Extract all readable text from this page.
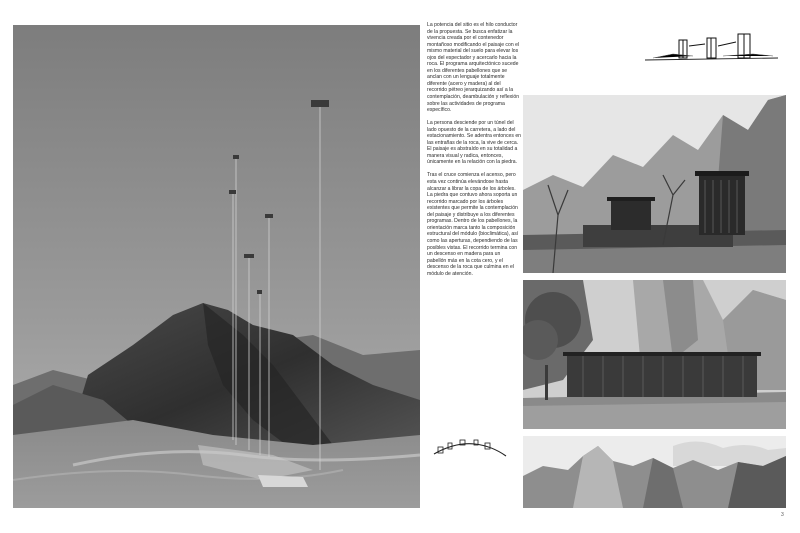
La potencia del sitio es el hilo conductor de la propuesta. Se busca enfatizar la vivencia creada por el contenedor montañoso modificando el paisaje con el mismo material del suelo para elevar los ojos del espectador y acercarlo hacia la roca. El programa arquitectónico sucede en los diferentes pabellones que se anclan con un lenguaje totalmente diferente (acero y madera) al del recorrido pétreo jerarquizando así a la contemplación, deambulación y reflexión sobre las actividades de programa específico.

La persona desciende por un túnel del lado opuesto de la carretera, a lado del estacionamiento. Se adentra entonces en las entrañas de la roca, la vive de cerca. El paisaje es abstraído en su totalidad a manera visual y radica, entonces, únicamente en la relación con la piedra.

Tras el cruce comienza el acenso, pero esta vez continúa elevándose hasta alcanzar a librar la copa de los árboles. La piedra que contuvo ahora soporta un recorrido marcado por los árboles existentes que permite la contemplación del paisaje y distribuye a los diferentes programas. Dentro de los pabellones, la orientación marca tanto la composición estructural del módulo (bioclimática), así como las aperturas, dependiendo de las posibles vistas. El recorrido termina con un descenso en madera para un pabellón más en la cota cero, y el descenso de la roca que culmina en el módulo de atención.

3
